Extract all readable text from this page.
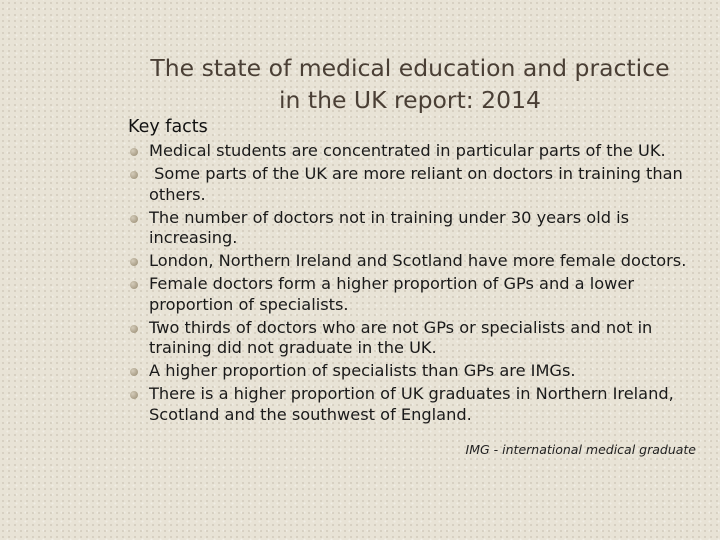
The state of medical education and practice
in the UK report: 2014
Key facts
Medical students are concentrated in particular parts of the UK.
Some parts of the UK are more reliant on doctors in training than others.
The number of doctors not in training under 30 years old is increasing.
London, Northern Ireland and Scotland have more female doctors.
Female doctors form a higher proportion of GPs and a lower proportion of specialists.
Two thirds of doctors who are not GPs or specialists and not in training did not graduate in the UK.
A higher proportion of specialists than GPs are IMGs.
There is a higher proportion of UK graduates in Northern Ireland, Scotland and the southwest of England.
IMG - international medical graduate
